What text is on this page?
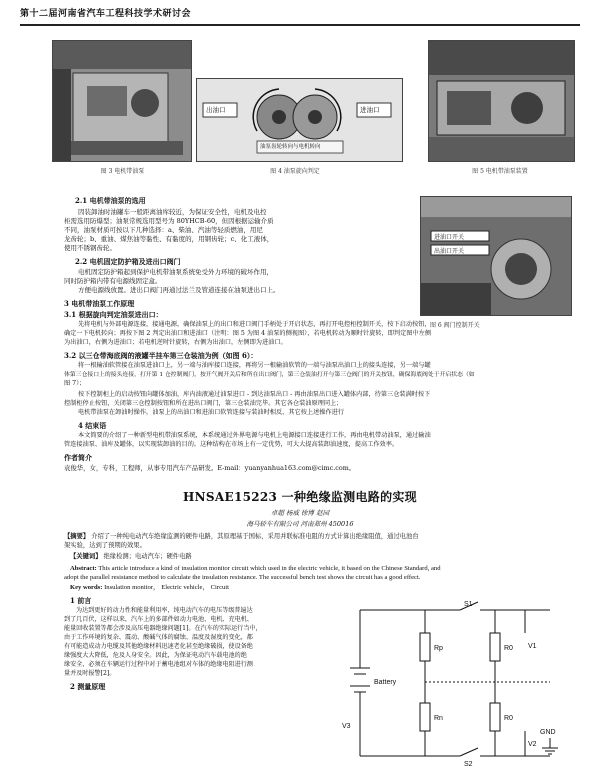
第十二届河南省汽车工程科技学术研讨会
图 3 电机带油泵
出油口	进油口
油泵齿轮转向与电机转向
图 4 油泵旋向判定	图 5 电机带油泵装置
进油口开关
出油口开关
图 6 阀门控制开关
2.1 电机带油泵的选用
因装卸油时油罐车一般距离油库较近，为保证安全性，电机及电控
柜需选用防爆型；油泵常规选用型号为 80YHCB-60，但因根据运输介质
不同，油泵材质可按以下几种选择：a、柴油、汽油等轻质燃油，用尼
龙齿轮；b、重油、煤焦油等黏性、有黏度的，用钢齿轮；c、化工液体，
使用不锈钢齿轮。
2.2 电机固定防护箱及进出口阀门
电机固定防护箱起到保护电机带油泵系统免受外力环境的破坏作用，
同时防护箱内带有电源线固定盒。
方便电源线放置。进出口阀门再通过法兰及管道连接在油泵进出口上。
3 电机带油泵工作原理
3.1 根据旋向判定油泵进出口：
先将电机与外部电源连接，接通电源，确保油泵上的出口和进口阀门手柄处于开启状态，再打开电控柜控制开关，按下启动按钮，
确定一下电机转向；再按下图 2 判定出油口和进油口（注明：图 5 为图 4 油泵的侧视图），若电机转动为顺时针旋转，即判定图中左侧
为出油口，右侧为进油口；若电机逆时针旋转，右侧为出油口，左侧即为进油口。
3.2 以三仓带海底阀的液罐半挂车第三仓装油为例（如图 6）：
将一根输油软管接在油泵进油口上，另一端与油库接口连接，再将另一根输油软管的一端与油泵出油口上的接头连接，另一端与罐
体第三仓接口上的接头连接，打开第 1 仓控制阀门，按开气阀开关后和所在出口阀门，第三仓装油打开与第三仓阀门的开关按钮，确保海底阀处于开启状态（如
图 7）；
按下控制柜上的启动按钮向罐体加油，库内油液通过油泵进口 - 到达油泵出口 - 再由油泵出口进入罐体内部，待第三仓装满时按下
控制柜停止按钮，关闭第三仓控制按钮和所在进出口阀门，第三仓装油完毕。其它各仓装油原理同上；
电机带油泵在卸油时操作，油泵上的出油口和进油口软管连接与装油时相反，其它按上述操作进行
4 结束语
本文简要的介绍了一种新型电机带油泵系统，本系统通过外界电源与电机上电源接口连接进行工作，再由电机带动油泵，通过输油
管连接油泵、油库及罐体，以实现装卸油的目的。这种结构在市场上有一定优势，可大大提高装卸油速度，提高工作效率。
作者简介
袁俊华，女，专科，工程师，从事专用汽车产品研发。E-mail：yuanyanhua163.com@cimc.com。
HNSAE15223 一种绝缘监测电路的实现
卓超 杨威 徐博 赵园
海马轿车有限公司 河南郑州 450016
【摘要】 介绍了一种纯电动汽车绝缘监测的硬件电路，其原理基于国标，采用并联标准电阻的方式计算出绝缘阻值，通过电池台
架实验，达到了预期的效果。
【关键词】 绝缘检测；电动汽车；硬件电路
Abstract: This article introduce a kind of insulation monitor circuit which used in the electric vehicle, it based on the Chinese Standard, and
adopt the parallel resistance method to calculate the insulation resistance. The successful bench test shows the circuit has a good effect.
Key words: Insulation monitor， Electric vehicle， Circuit
1 前言
为达到更好的动力性和能量利用率，纯电动汽车的电压等级普遍达
到了几百伏，这样以来，汽车上的多部件如动力电池、电机、充电机、
能量回收装置等都会涉及高压电器绝缘问题[1]。在汽车的实际运行当中，
由于工作环境的复杂、震动、酸碱气体的腐蚀、温度及湿度的变化，都
有可能造成动力电缆及其他绝缘材料迅速老化甚至绝缘破损，使设备绝
缘强度大大降低，危及人身安全。因此，为保证电动汽车载电池的绝
缘安全，必须在车辆运行过程中对于蓄电池组对车体的绝缘电阻进行测
量并及时报警[2]。
2 测量原理
S1
S2
Rp
Rn
R0
R0
V1
V2
V3
Battery
GND
